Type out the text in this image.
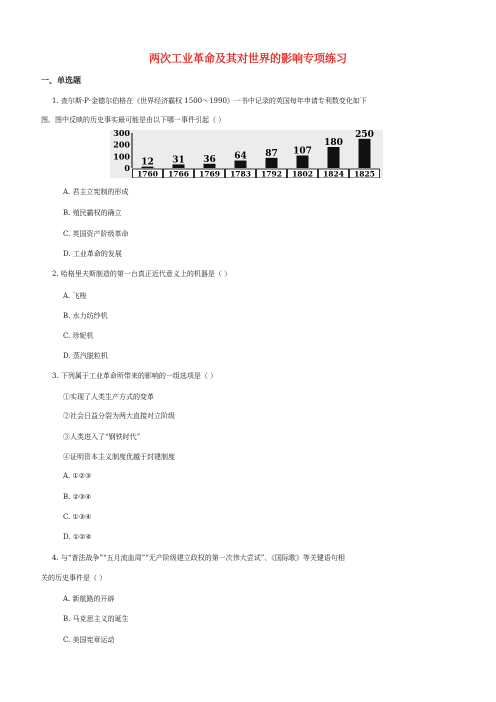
两次工业革命及其对世界的影响专项练习
一、单选题
1. 查尔斯·P·金德尔伯格在《世界经济霸权 1500～1990》一书中记录的英国每年申请专利数变化如下
图。图中反映的历史事实最可能是由以下哪一事件引起（ ）
300
200
100
0
12 31 36 64 87 107
180
250
1760 1766 1769 1783 1792 1802 1824 1825
A. 君主立宪制的形成
B. 殖民霸权的确立
C. 英国资产阶级革命
D. 工业革命的发展
2. 哈格里夫斯制造的第一台真正近代意义上的机器是（ ）
A. 飞梭
B. 水力纺纱机
C. 珍妮机
D. 蒸汽脱粒机
3. 下列属于工业革命所带来的影响的一组选项是（ ）
①实现了人类生产方式的变革
②社会日益分裂为两大直接对立阶级
③人类进入了“钢铁时代”
④证明资本主义制度优越于封建制度
A. ①②③
B. ②③④
C. ①③④
D. ①②④
4. 与“普法战争”“五月流血周”“无产阶级建立政权的第一次伟大尝试”、《国际歌》等关键语句相
关的历史事件是（ ）
A. 新航路的开辟
B. 马克思主义的诞生
C. 美国宪章运动
